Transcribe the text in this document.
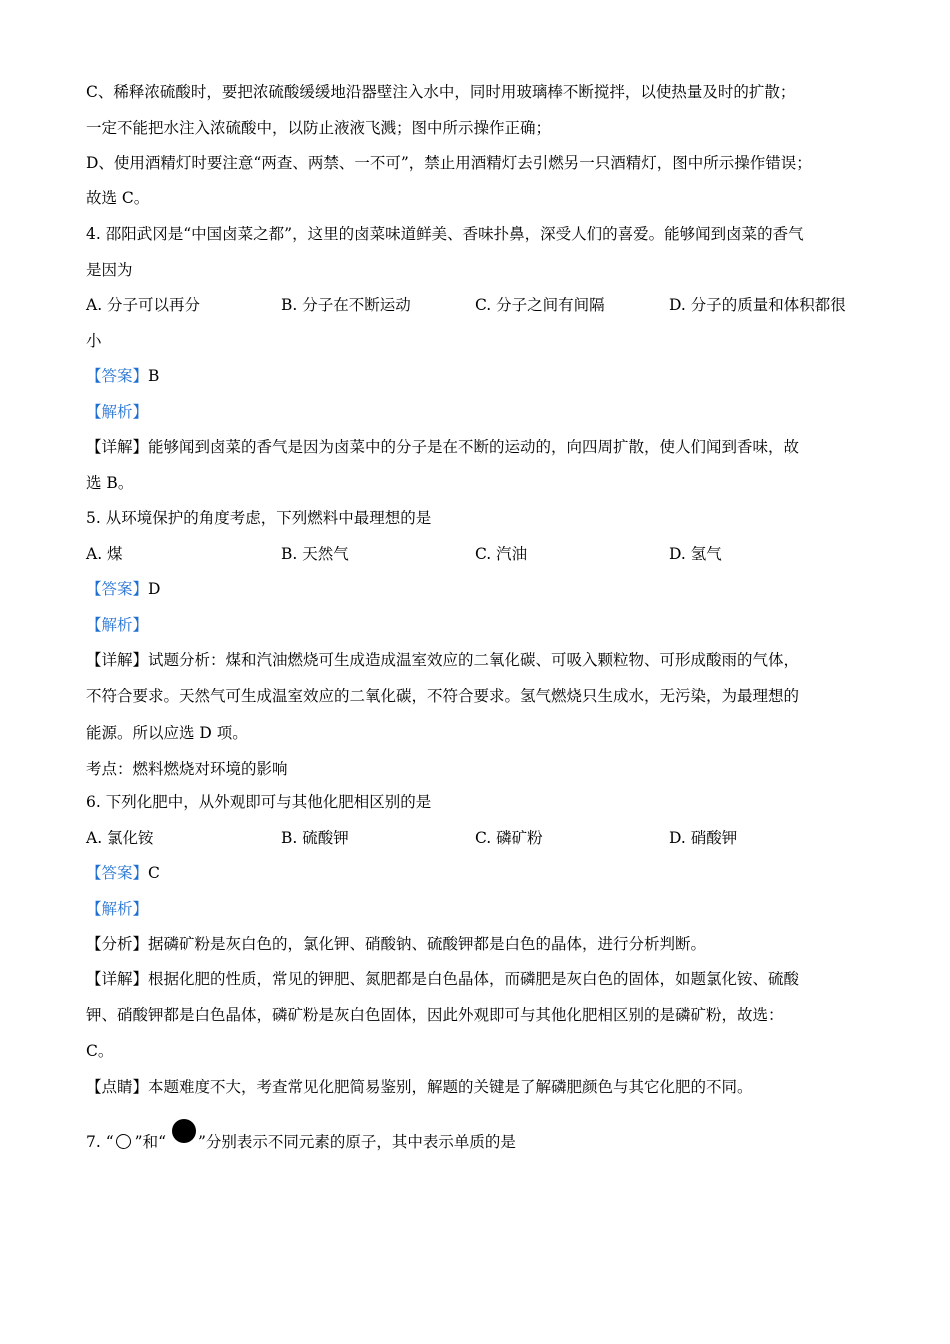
C、稀释浓硫酸时，要把浓硫酸缓缓地沿器壁注入水中，同时用玻璃棒不断搅拌，以使热量及时的扩散；
一定不能把水注入浓硫酸中，以防止液液飞溅；图中所示操作正确；
D、使用酒精灯时要注意“两查、两禁、一不可”，禁止用酒精灯去引燃另一只酒精灯，图中所示操作错误；
故选 C。
4. 邵阳武冈是“中国卤菜之都”，这里的卤菜味道鲜美、香味扑鼻，深受人们的喜爱。能够闻到卤菜的香气
是因为
A. 分子可以再分	B. 分子在不断运动	C. 分子之间有间隔	D. 分子的质量和体积都很
小
【答案】B
【解析】
【详解】能够闻到卤菜的香气是因为卤菜中的分子是在不断的运动的，向四周扩散，使人们闻到香味，故
选 B。
5. 从环境保护的角度考虑，下列燃料中最理想的是
A. 煤	B. 天然气	C. 汽油	D. 氢气
【答案】D
【解析】
【详解】试题分析：煤和汽油燃烧可生成造成温室效应的二氧化碳、可吸入颗粒物、可形成酸雨的气体，
不符合要求。天然气可生成温室效应的二氧化碳，不符合要求。氢气燃烧只生成水，无污染，为最理想的
能源。所以应选 D 项。
考点：燃料燃烧对环境的影响
6. 下列化肥中，从外观即可与其他化肥相区别的是
A. 氯化铵	B. 硫酸钾	C. 磷矿粉	D. 硝酸钾
【答案】C
【解析】
【分析】据磷矿粉是灰白色的，氯化钾、硝酸钠、硫酸钾都是白色的晶体，进行分析判断。
【详解】根据化肥的性质，常见的钾肥、氮肥都是白色晶体，而磷肥是灰白色的固体，如题氯化铵、硫酸
钾、硝酸钾都是白色晶体，磷矿粉是灰白色固体，因此外观即可与其他化肥相区别的是磷矿粉，故选：
C。
【点睛】本题难度不大，考查常见化肥简易鉴别，解题的关键是了解磷肥颜色与其它化肥的不同。
7. “ ”和“ ”分别表示不同元素的原子，其中表示单质的是
